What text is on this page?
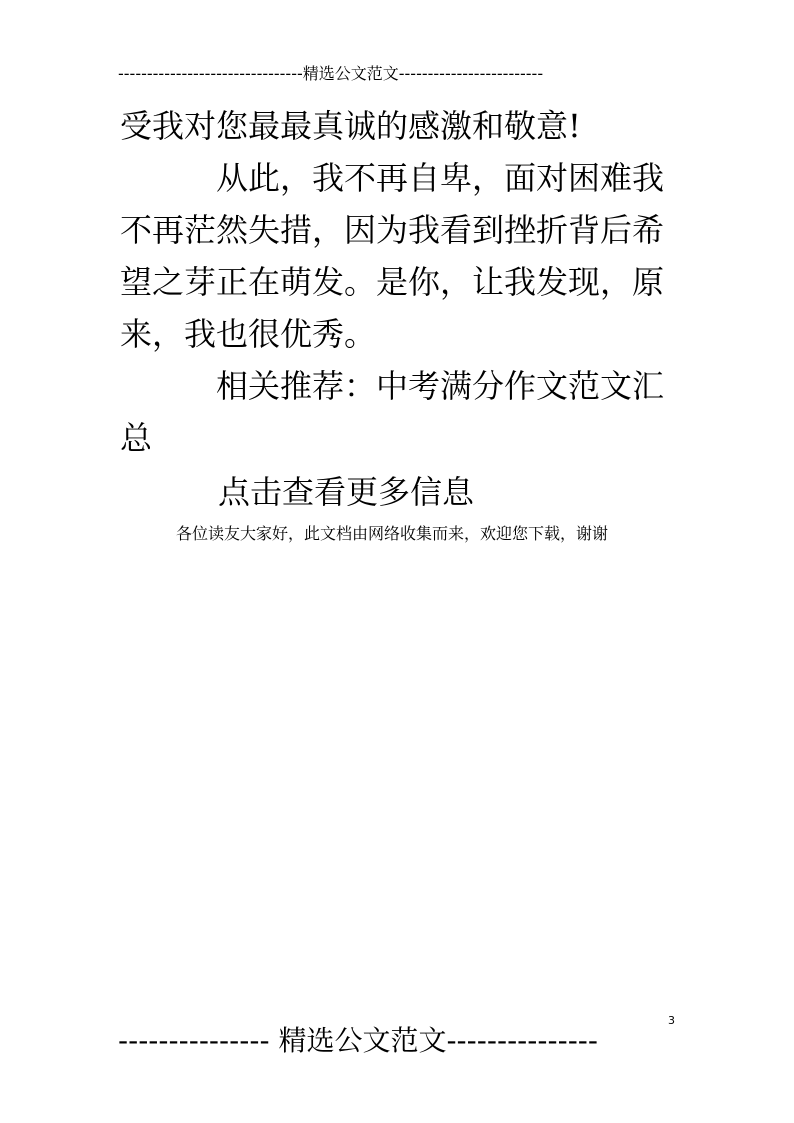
--------------------------------精选公文范文-------------------------

受我对您最最真诚的感激和敬意!

从此，我不再自卑，面对困难我不再茫然失措，因为我看到挫折背后希望之芽正在萌发。是你，让我发现，原来，我也很优秀。

相关推荐：中考满分作文范文汇总

点击查看更多信息
各位读友大家好，此文档由网络收集而来，欢迎您下载，谢谢
3
--------------- 精选公文范文---------------
